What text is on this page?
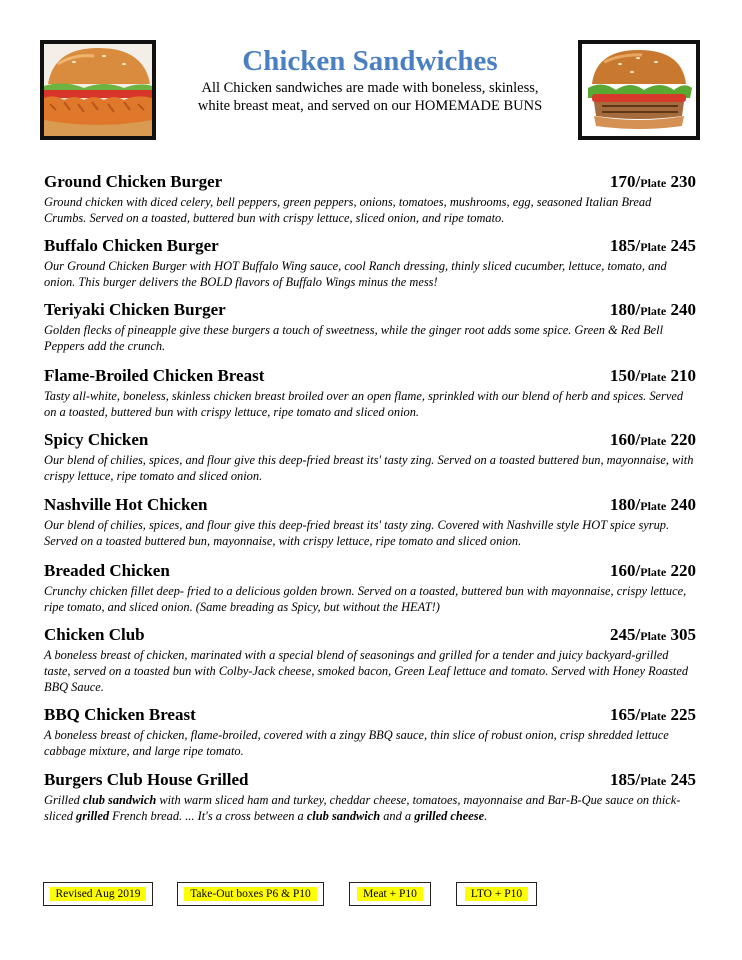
Chicken Sandwiches
All Chicken sandwiches are made with boneless, skinless,
white breast meat, and served on our HOMEMADE BUNS
Ground Chicken Burger	170/Plate 230
Ground chicken with diced celery, bell peppers, green peppers, onions, tomatoes, mushrooms, egg, seasoned Italian Bread Crumbs. Served on a toasted, buttered bun with crispy lettuce, sliced onion, and ripe tomato.
Buffalo Chicken Burger	185/Plate 245
Our Ground Chicken Burger with HOT Buffalo Wing sauce, cool Ranch dressing, thinly sliced cucumber, lettuce, tomato, and onion. This burger delivers the BOLD flavors of Buffalo Wings minus the mess!
Teriyaki Chicken Burger	180/Plate 240
Golden flecks of pineapple give these burgers a touch of sweetness, while the ginger root adds some spice. Green & Red Bell Peppers add the crunch.
Flame-Broiled Chicken Breast	150/Plate 210
Tasty all-white, boneless, skinless chicken breast broiled over an open flame, sprinkled with our blend of herb and spices. Served on a toasted, buttered bun with crispy lettuce, ripe tomato and sliced onion.
Spicy Chicken	160/Plate 220
Our blend of chilies, spices, and flour give this deep-fried breast its' tasty zing. Served on a toasted buttered bun, mayonnaise, with crispy lettuce, ripe tomato and sliced onion.
Nashville Hot Chicken	180/Plate 240
Our blend of chilies, spices, and flour give this deep-fried breast its' tasty zing. Covered with Nashville style HOT spice syrup. Served on a toasted buttered bun, mayonnaise, with crispy lettuce, ripe tomato and sliced onion.
Breaded Chicken	160/Plate 220
Crunchy chicken fillet deep- fried to a delicious golden brown. Served on a toasted, buttered bun with mayonnaise, crispy lettuce, ripe tomato, and sliced onion. (Same breading as Spicy, but without the HEAT!)
Chicken Club	245/Plate 305
A boneless breast of chicken, marinated with a special blend of seasonings and grilled for a tender and juicy backyard-grilled taste, served on a toasted bun with Colby-Jack cheese, smoked bacon, Green Leaf lettuce and tomato. Served with Honey Roasted BBQ Sauce.
BBQ Chicken Breast	165/Plate 225
A boneless breast of chicken, flame-broiled, covered with a zingy BBQ sauce, thin slice of robust onion, crisp shredded lettuce cabbage mixture, and large ripe tomato.
Burgers Club House Grilled	185/Plate 245
Grilled club sandwich with warm sliced ham and turkey, cheddar cheese, tomatoes, mayonnaise and Bar-B-Que sauce on thick-sliced grilled French bread. ... It's a cross between a club sandwich and a grilled cheese.
Revised Aug 2019	Take-Out boxes P6 & P10	Meat + P10	LTO + P10
